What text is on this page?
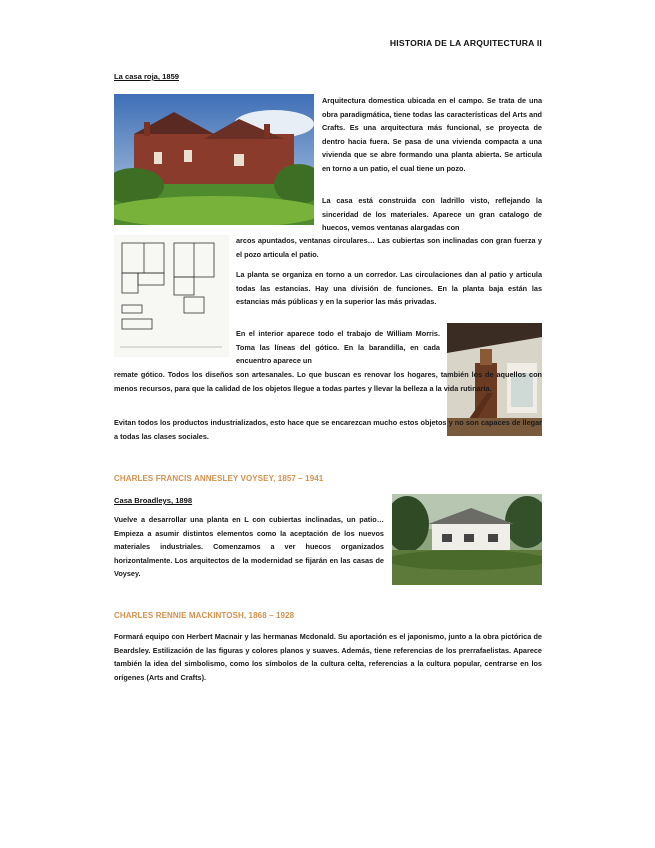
HISTORIA DE LA ARQUITECTURA II
La casa roja, 1859

Arquitectura domestica ubicada en el campo. Se trata de una obra paradigmática, tiene todas las características del Arts and Crafts. Es una arquitectura más funcional, se proyecta de dentro hacia fuera. Se pasa de una vivienda compacta a una vivienda que se abre formando una planta abierta. Se articula en torno a un patio, el cual tiene un pozo.

La casa está construida con ladrillo visto, reflejando la sinceridad de los materiales. Aparece un gran catalogo de huecos, vemos ventanas alargadas con

arcos apuntados, ventanas circulares… Las cubiertas son inclinadas con gran fuerza y el pozo articula el patio.

La planta se organiza en torno a un corredor. Las circulaciones dan al patio y articula todas las estancias. Hay una división de funciones. En la planta baja están las estancias más públicas y en la superior las más privadas.

En el interior aparece todo el trabajo de William Morris. Toma las líneas del gótico. En la barandilla, en cada encuentro aparece un

remate gótico. Todos los diseños son artesanales. Lo que buscan es renovar los hogares, también los de aquellos con menos recursos, para que la calidad de los objetos llegue a todas partes y llevar la belleza a la vida rutinaria.

Evitan todos los productos industrializados, esto hace que se encarezcan mucho estos objetos y no son capaces de llegar a todas las clases sociales.

CHARLES FRANCIS ANNESLEY VOYSEY, 1857 – 1941
Casa Broadleys, 1898

Vuelve a desarrollar una planta en L con cubiertas inclinadas, un patio… Empieza a asumir distintos elementos como la aceptación de los nuevos materiales industriales. Comenzamos a ver huecos organizados horizontalmente. Los arquitectos de la modernidad se fijarán en las casas de Voysey.

CHARLES RENNIE MACKINTOSH, 1868 – 1928

Formará equipo con Herbert Macnair y las hermanas Mcdonald. Su aportación es el japonismo, junto a la obra pictórica de Beardsley. Estilización de las figuras y colores planos y suaves. Además, tiene referencias de los prerrafaelistas. Aparece también la idea del simbolismo, como los símbolos de la cultura celta, referencias a la cultura popular, centrarse en los orígenes (Arts and Crafts).
